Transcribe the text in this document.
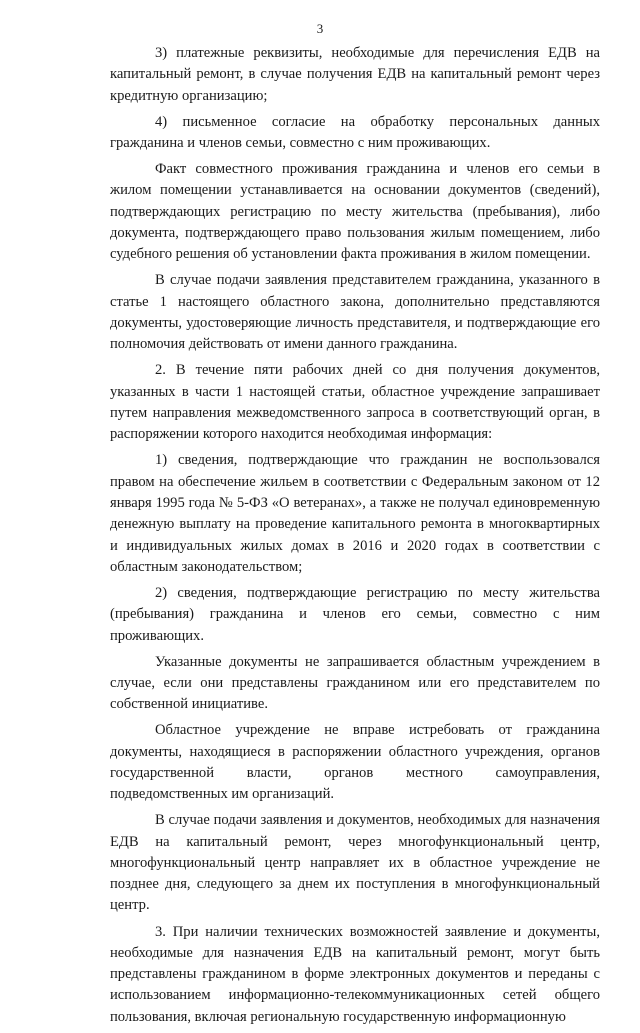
3

3) платежные реквизиты, необходимые для перечисления ЕДВ на капитальный ремонт, в случае получения ЕДВ на капитальный ремонт через кредитную организацию;

4) письменное согласие на обработку персональных данных гражданина и членов семьи, совместно с ним проживающих.

Факт совместного проживания гражданина и членов его семьи в жилом помещении устанавливается на основании документов (сведений), подтверждающих регистрацию по месту жительства (пребывания), либо документа, подтверждающего право пользования жилым помещением, либо судебного решения об установлении факта проживания в жилом помещении.

В случае подачи заявления представителем гражданина, указанного в статье 1 настоящего областного закона, дополнительно представляются документы, удостоверяющие личность представителя, и подтверждающие его полномочия действовать от имени данного гражданина.

2. В течение пяти рабочих дней со дня получения документов, указанных в части 1 настоящей статьи, областное учреждение запрашивает путем направления межведомственного запроса в соответствующий орган, в распоряжении которого находится необходимая информация:

1) сведения, подтверждающие что гражданин не воспользовался правом на обеспечение жильем в соответствии с Федеральным законом от 12 января 1995 года № 5-ФЗ «О ветеранах», а также не получал единовременную денежную выплату на проведение капитального ремонта в многоквартирных и индивидуальных жилых домах в 2016 и 2020 годах в соответствии с областным законодательством;

2) сведения, подтверждающие регистрацию по месту жительства (пребывания) гражданина и членов его семьи, совместно с ним проживающих.

Указанные документы не запрашивается областным учреждением в случае, если они представлены гражданином или его представителем по собственной инициативе.

Областное учреждение не вправе истребовать от гражданина документы, находящиеся в распоряжении областного учреждения, органов государственной власти, органов местного самоуправления, подведомственных им организаций.

В случае подачи заявления и документов, необходимых для назначения ЕДВ на капитальный ремонт, через многофункциональный центр, многофункциональный центр направляет их в областное учреждение не позднее дня, следующего за днем их поступления в многофункциональный центр.

3. При наличии технических возможностей заявление и документы, необходимые для назначения ЕДВ на капитальный ремонт, могут быть представлены гражданином в форме электронных документов и переданы с использованием информационно-телекоммуникационных сетей общего пользования, включая региональную государственную информационную
